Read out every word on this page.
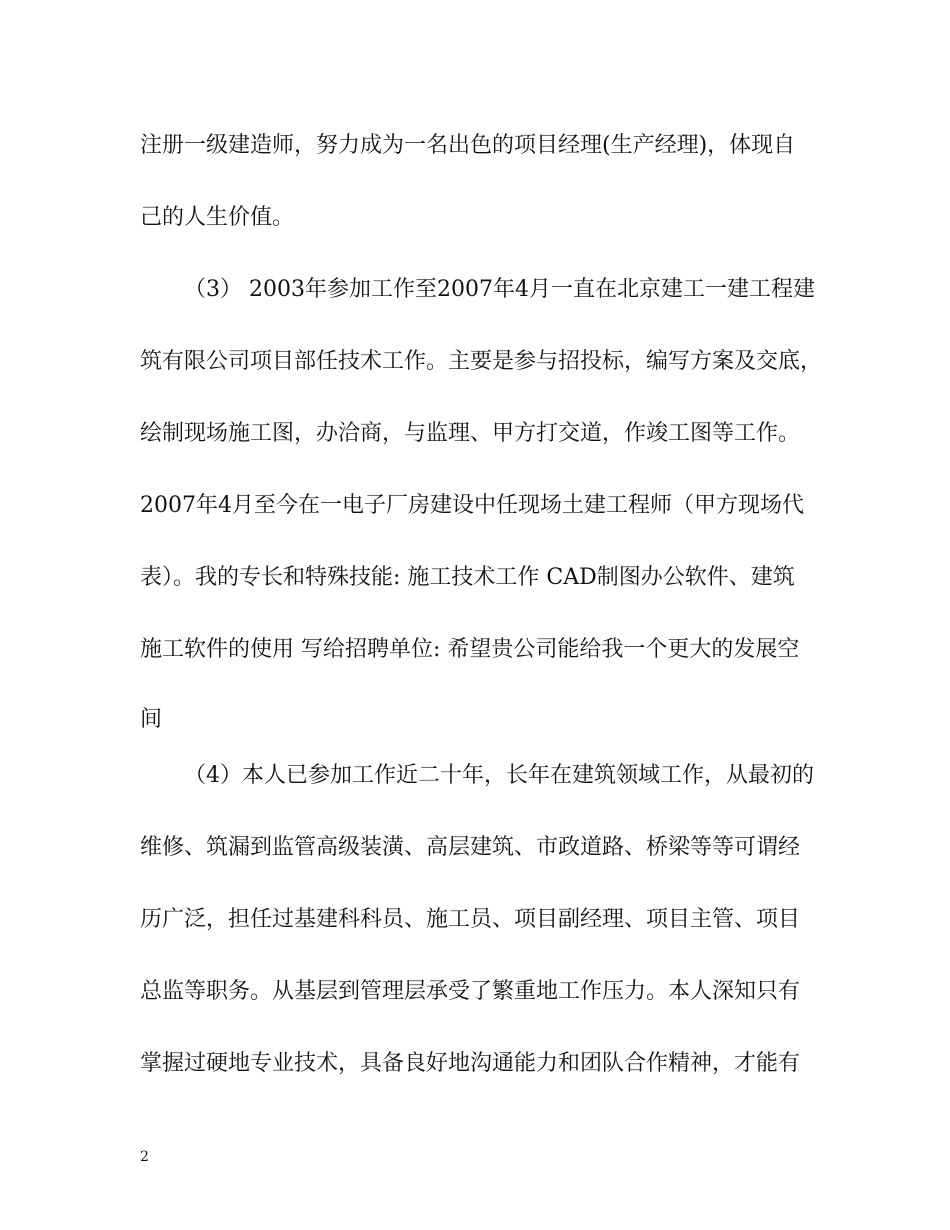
注册一级建造师，努力成为一名出色的项目经理(生产经理)，体现自
己的人生价值。
（3） 2003年参加工作至2007年4月一直在北京建工一建工程建
筑有限公司项目部任技术工作。主要是参与招投标，编写方案及交底，
绘制现场施工图，办洽商，与监理、甲方打交道，作竣工图等工作。
2007年4月至今在一电子厂房建设中任现场土建工程师（甲方现场代
表）。我的专长和特殊技能: 施工技术工作 CAD制图办公软件、建筑
施工软件的使用 写给招聘单位: 希望贵公司能给我一个更大的发展空
间
（4）本人已参加工作近二十年，长年在建筑领域工作，从最初的
维修、筑漏到监管高级装潢、高层建筑、市政道路、桥梁等等可谓经
历广泛，担任过基建科科员、施工员、项目副经理、项目主管、项目
总监等职务。从基层到管理层承受了繁重地工作压力。本人深知只有
掌握过硬地专业技术，具备良好地沟通能力和团队合作精神，才能有
2
